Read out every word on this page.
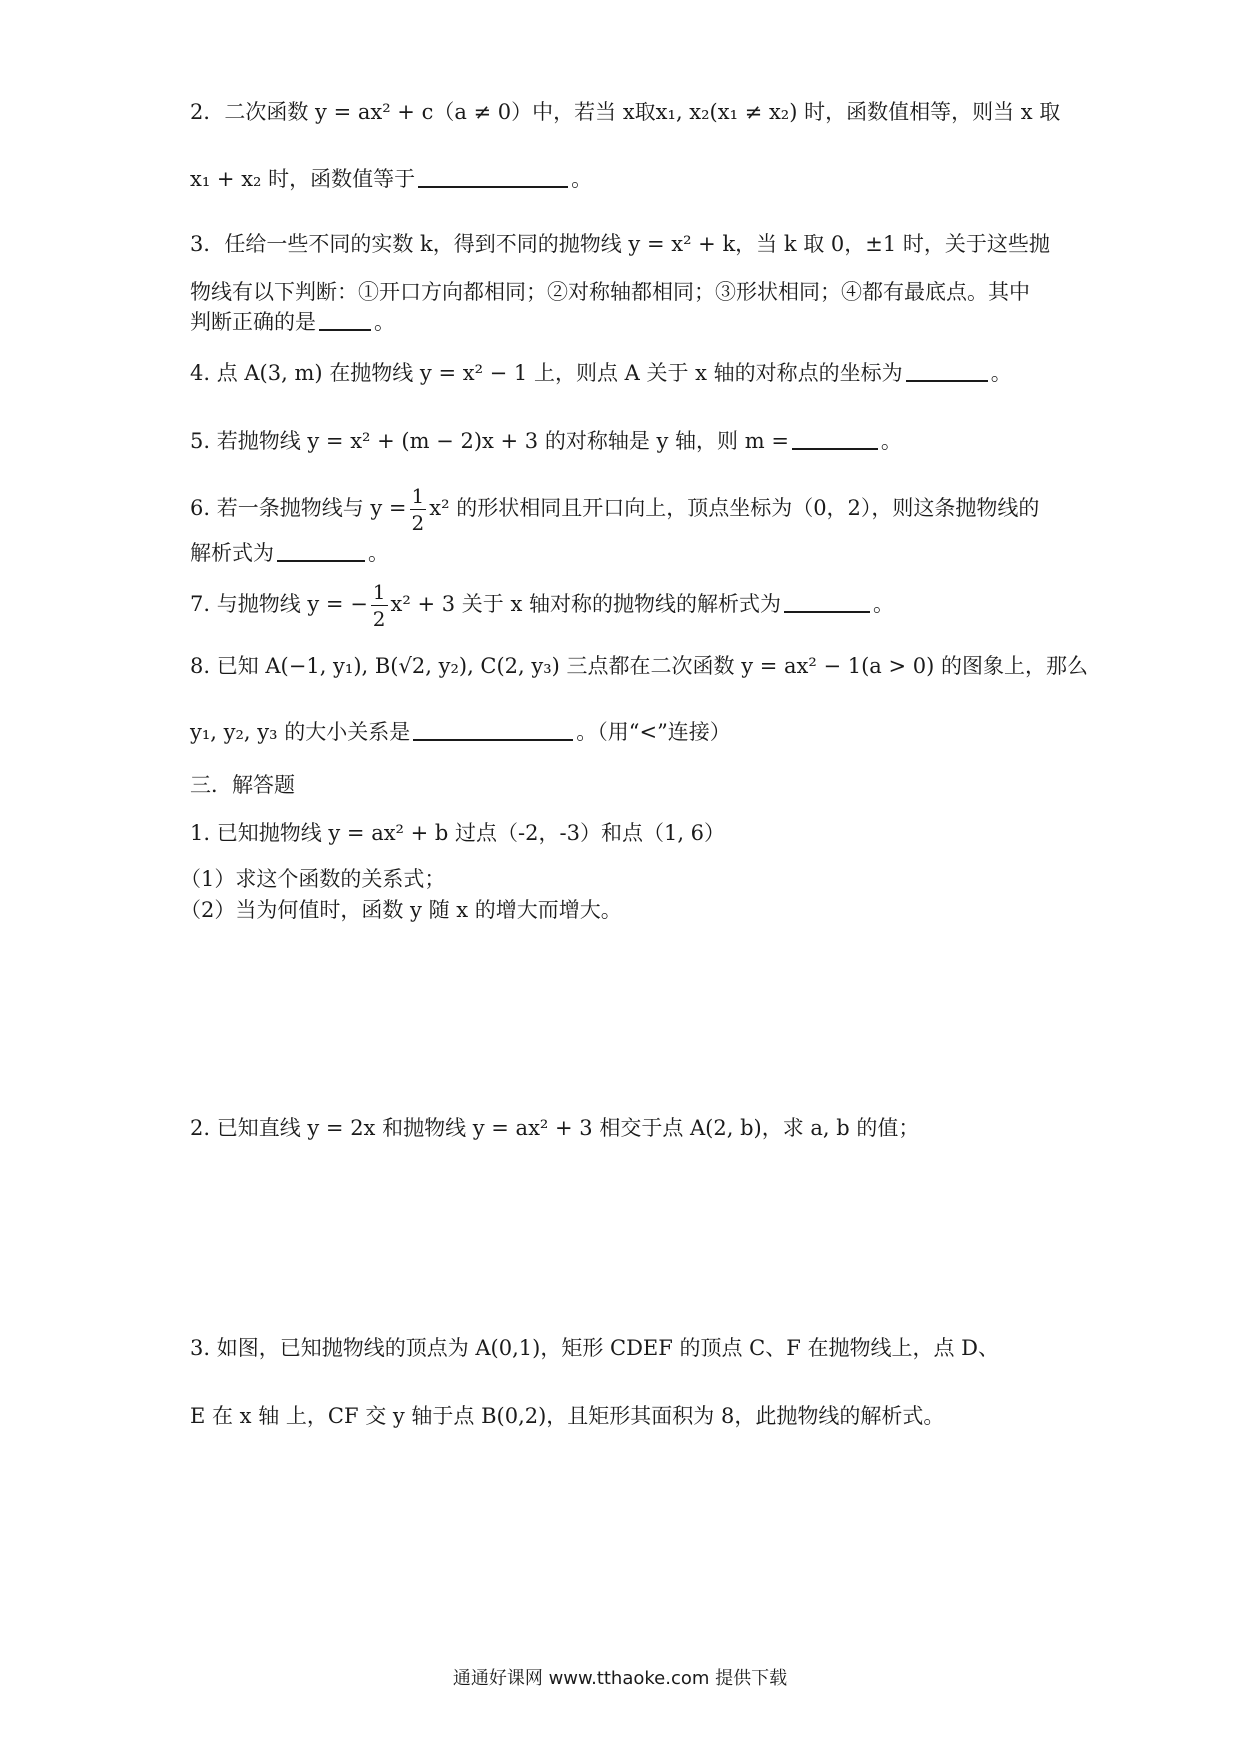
2．二次函数 y = ax² + c（a ≠ 0）中，若当 x取x₁, x₂(x₁ ≠ x₂) 时，函数值相等，则当 x 取
x₁ + x₂ 时，函数值等于	。
3．任给一些不同的实数 k，得到不同的抛物线 y = x² + k，当 k 取 0，±1 时，关于这些抛
物线有以下判断：①开口方向都相同；②对称轴都相同；③形状相同；④都有最底点。其中
判断正确的是	。
4. 点 A(3, m) 在抛物线 y = x² − 1 上，则点 A 关于 x 轴的对称点的坐标为	。
5. 若抛物线 y = x² + (m − 2)x + 3 的对称轴是 y 轴，则 m =	。
6. 若一条抛物线与 $y = \frac{1}{2} x^2$ 的形状相同且开口向上，顶点坐标为（0，2），则这条抛物线的
解析式为	。
7. 与抛物线 y = − $\frac{1}{2} x^2 + 3$ 关于 x 轴对称的抛物线的解析式为	。
8. 已知 A(−1, y₁), B(√2, y₂), C(2, y₃) 三点都在二次函数 y = ax² − 1(a > 0) 的图象上，那么
y₁, y₂, y₃ 的大小关系是	。（用“<”连接）
三．解答题
1. 已知抛物线 y = ax² + b 过点（-2，-3）和点（1, 6）
（1）求这个函数的关系式；
（2）当为何值时，函数 y 随 x 的增大而增大。
2. 已知直线 y = 2x 和抛物线 y = ax² + 3 相交于点 A(2, b)，求 a, b 的值；
3. 如图，已知抛物线的顶点为 A(0,1)，矩形 CDEF 的顶点 C、F 在抛物线上，点 D、
E 在 x 轴 上，CF 交 y 轴于点 B(0,2)，且矩形其面积为 8，此抛物线的解析式。
通通好课网 www.tthaoke.com 提供下载
